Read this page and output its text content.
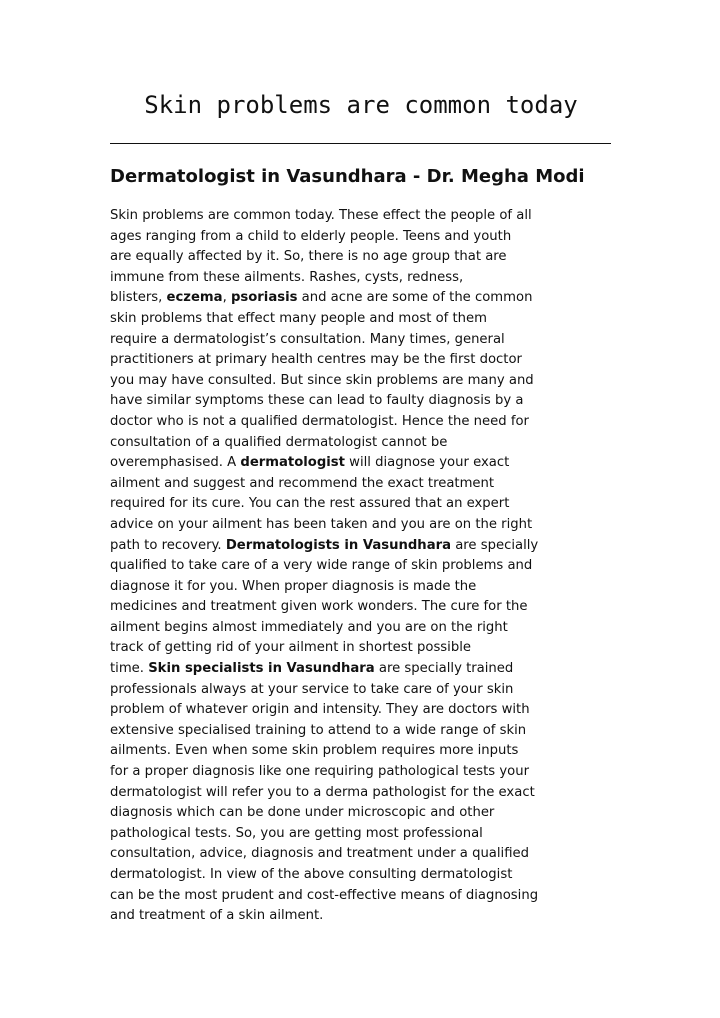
Skin problems are common today
Dermatologist in Vasundhara - Dr. Megha Modi
Skin problems are common today. These effect the people of all
ages ranging from a child to elderly people. Teens and youth
are equally affected by it. So, there is no age group that are
immune from these ailments. Rashes, cysts, redness,
blisters, eczema, psoriasis and acne are some of the common
skin problems that effect many people and most of them
require a dermatologist’s consultation. Many times, general
practitioners at primary health centres may be the first doctor
you may have consulted. But since skin problems are many and
have similar symptoms these can lead to faulty diagnosis by a
doctor who is not a qualified dermatologist. Hence the need for
consultation of a qualified dermatologist cannot be
overemphasised. A dermatologist will diagnose your exact
ailment and suggest and recommend the exact treatment
required for its cure. You can the rest assured that an expert
advice on your ailment has been taken and you are on the right
path to recovery. Dermatologists in Vasundhara are specially
qualified to take care of a very wide range of skin problems and
diagnose it for you. When proper diagnosis is made the
medicines and treatment given work wonders. The cure for the
ailment begins almost immediately and you are on the right
track of getting rid of your ailment in shortest possible
time. Skin specialists in Vasundhara are specially trained
professionals always at your service to take care of your skin
problem of whatever origin and intensity. They are doctors with
extensive specialised training to attend to a wide range of skin
ailments. Even when some skin problem requires more inputs
for a proper diagnosis like one requiring pathological tests your
dermatologist will refer you to a derma pathologist for the exact
diagnosis which can be done under microscopic and other
pathological tests. So, you are getting most professional
consultation, advice, diagnosis and treatment under a qualified
dermatologist. In view of the above consulting dermatologist
can be the most prudent and cost-effective means of diagnosing
and treatment of a skin ailment.
